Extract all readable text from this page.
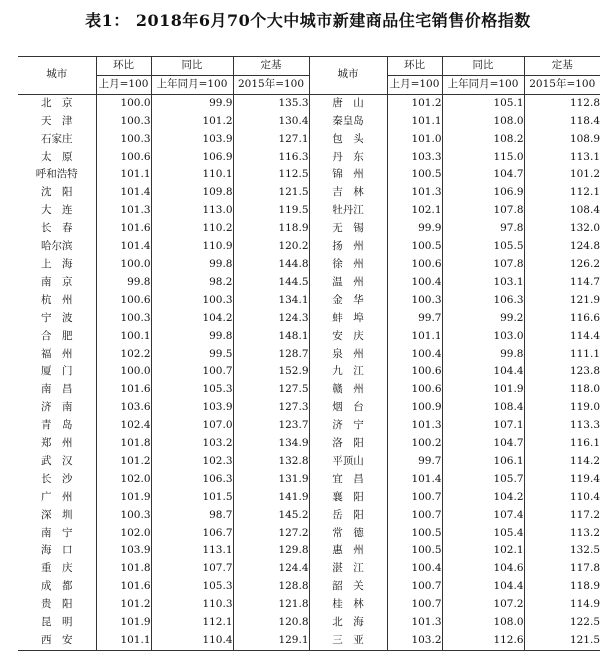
表1： 2018年6月70个大中城市新建商品住宅销售价格指数
城市	环比	同比	定基	城市	环比	同比	定基
	上月=100	上年同月=100	2015年=100		上月=100	上年同月=100	2015年=100
北　京	100.0	99.9	135.3	唐　山	101.2	105.1	112.8
天　津	100.3	101.2	130.4	秦皇岛	101.1	108.0	118.4
石家庄	100.3	103.9	127.1	包　头	101.0	108.2	108.9
太　原	100.6	106.9	116.3	丹　东	103.3	115.0	113.1
呼和浩特	101.1	110.1	112.5	锦　州	100.5	104.7	101.2
沈　阳	101.4	109.8	121.5	吉　林	101.3	106.9	112.1
大　连	101.3	113.0	119.5	牡丹江	102.1	107.8	108.4
长　春	101.6	110.2	118.9	无　锡	99.9	97.8	132.0
哈尔滨	101.4	110.9	120.2	扬　州	100.5	105.5	124.8
上　海	100.0	99.8	144.8	徐　州	100.6	107.8	126.2
南　京	99.8	98.2	144.5	温　州	100.4	103.1	114.7
杭　州	100.6	100.3	134.1	金　华	100.3	106.3	121.9
宁　波	100.3	104.2	124.3	蚌　埠	99.7	99.2	116.6
合　肥	100.1	99.8	148.1	安　庆	101.1	103.0	114.4
福　州	102.2	99.5	128.7	泉　州	100.4	99.8	111.1
厦　门	100.0	100.7	152.9	九　江	100.6	104.4	123.8
南　昌	101.6	105.3	127.5	赣　州	100.6	101.9	118.0
济　南	103.6	103.9	127.3	烟　台	100.9	108.4	119.0
青　岛	102.4	107.0	123.7	济　宁	101.3	107.1	113.3
郑　州	101.8	103.2	134.9	洛　阳	100.2	104.7	116.1
武　汉	101.2	102.3	132.8	平顶山	99.7	106.1	114.2
长　沙	102.0	106.3	131.9	宜　昌	101.4	105.7	119.4
广　州	101.9	101.5	141.9	襄　阳	100.7	104.2	110.4
深　圳	100.3	98.7	145.2	岳　阳	100.7	107.4	117.2
南　宁	102.0	106.7	127.2	常　德	100.5	105.4	113.2
海　口	103.9	113.1	129.8	惠　州	100.5	102.1	132.5
重　庆	101.8	107.7	124.4	湛　江	100.4	104.6	117.8
成　都	101.6	105.3	128.8	韶　关	100.7	104.4	118.9
贵　阳	101.2	110.3	121.8	桂　林	100.7	107.2	114.9
昆　明	101.9	112.1	120.8	北　海	101.3	108.0	122.5
西　安	101.1	110.4	129.1	三　亚	103.2	112.6	121.5
